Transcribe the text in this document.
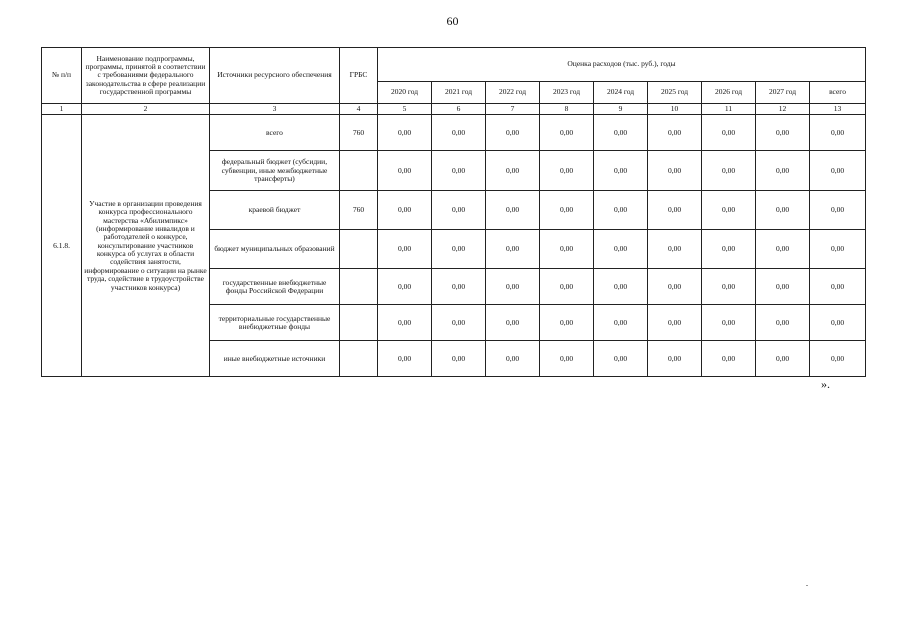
60
№ п/п	Наименование подпрограммы, программы, принятой в соответствии с требованиями федерального законодательства в сфере реализации государственной программы	Источники ресурсного обеспечения	ГРБС	Оценка расходов (тыс. руб.), годы								
				2020 год	2021 год	2022 год	2023 год	2024 год	2025 год	2026 год	2027 год	всего
1	2	3	4	5	6	7	8	9	10	11	12	13
6.1.8.	Участие в организации проведения конкурса профессионального мастерства «Абилимпикс» (информирование инвалидов и работодателей о конкурсе, консультирование участников конкурса об услугах в области содействия занятости, информирование о ситуации на рынке труда, содействие в трудоустройстве участников конкурса)	всего	760	0,00	0,00	0,00	0,00	0,00	0,00	0,00	0,00	0,00
		федеральный бюджет (субсидии, субвенции, иные межбюджетные трансферты)		0,00	0,00	0,00	0,00	0,00	0,00	0,00	0,00	0,00
		краевой бюджет	760	0,00	0,00	0,00	0,00	0,00	0,00	0,00	0,00	0,00
		бюджет муниципальных образований		0,00	0,00	0,00	0,00	0,00	0,00	0,00	0,00	0,00
		государственные внебюджетные фонды Российской Федерации		0,00	0,00	0,00	0,00	0,00	0,00	0,00	0,00	0,00
		территориальные государственные внебюджетные фонды		0,00	0,00	0,00	0,00	0,00	0,00	0,00	0,00	0,00
		иные внебюджетные источники		0,00	0,00	0,00	0,00	0,00	0,00	0,00	0,00	0,00
».
